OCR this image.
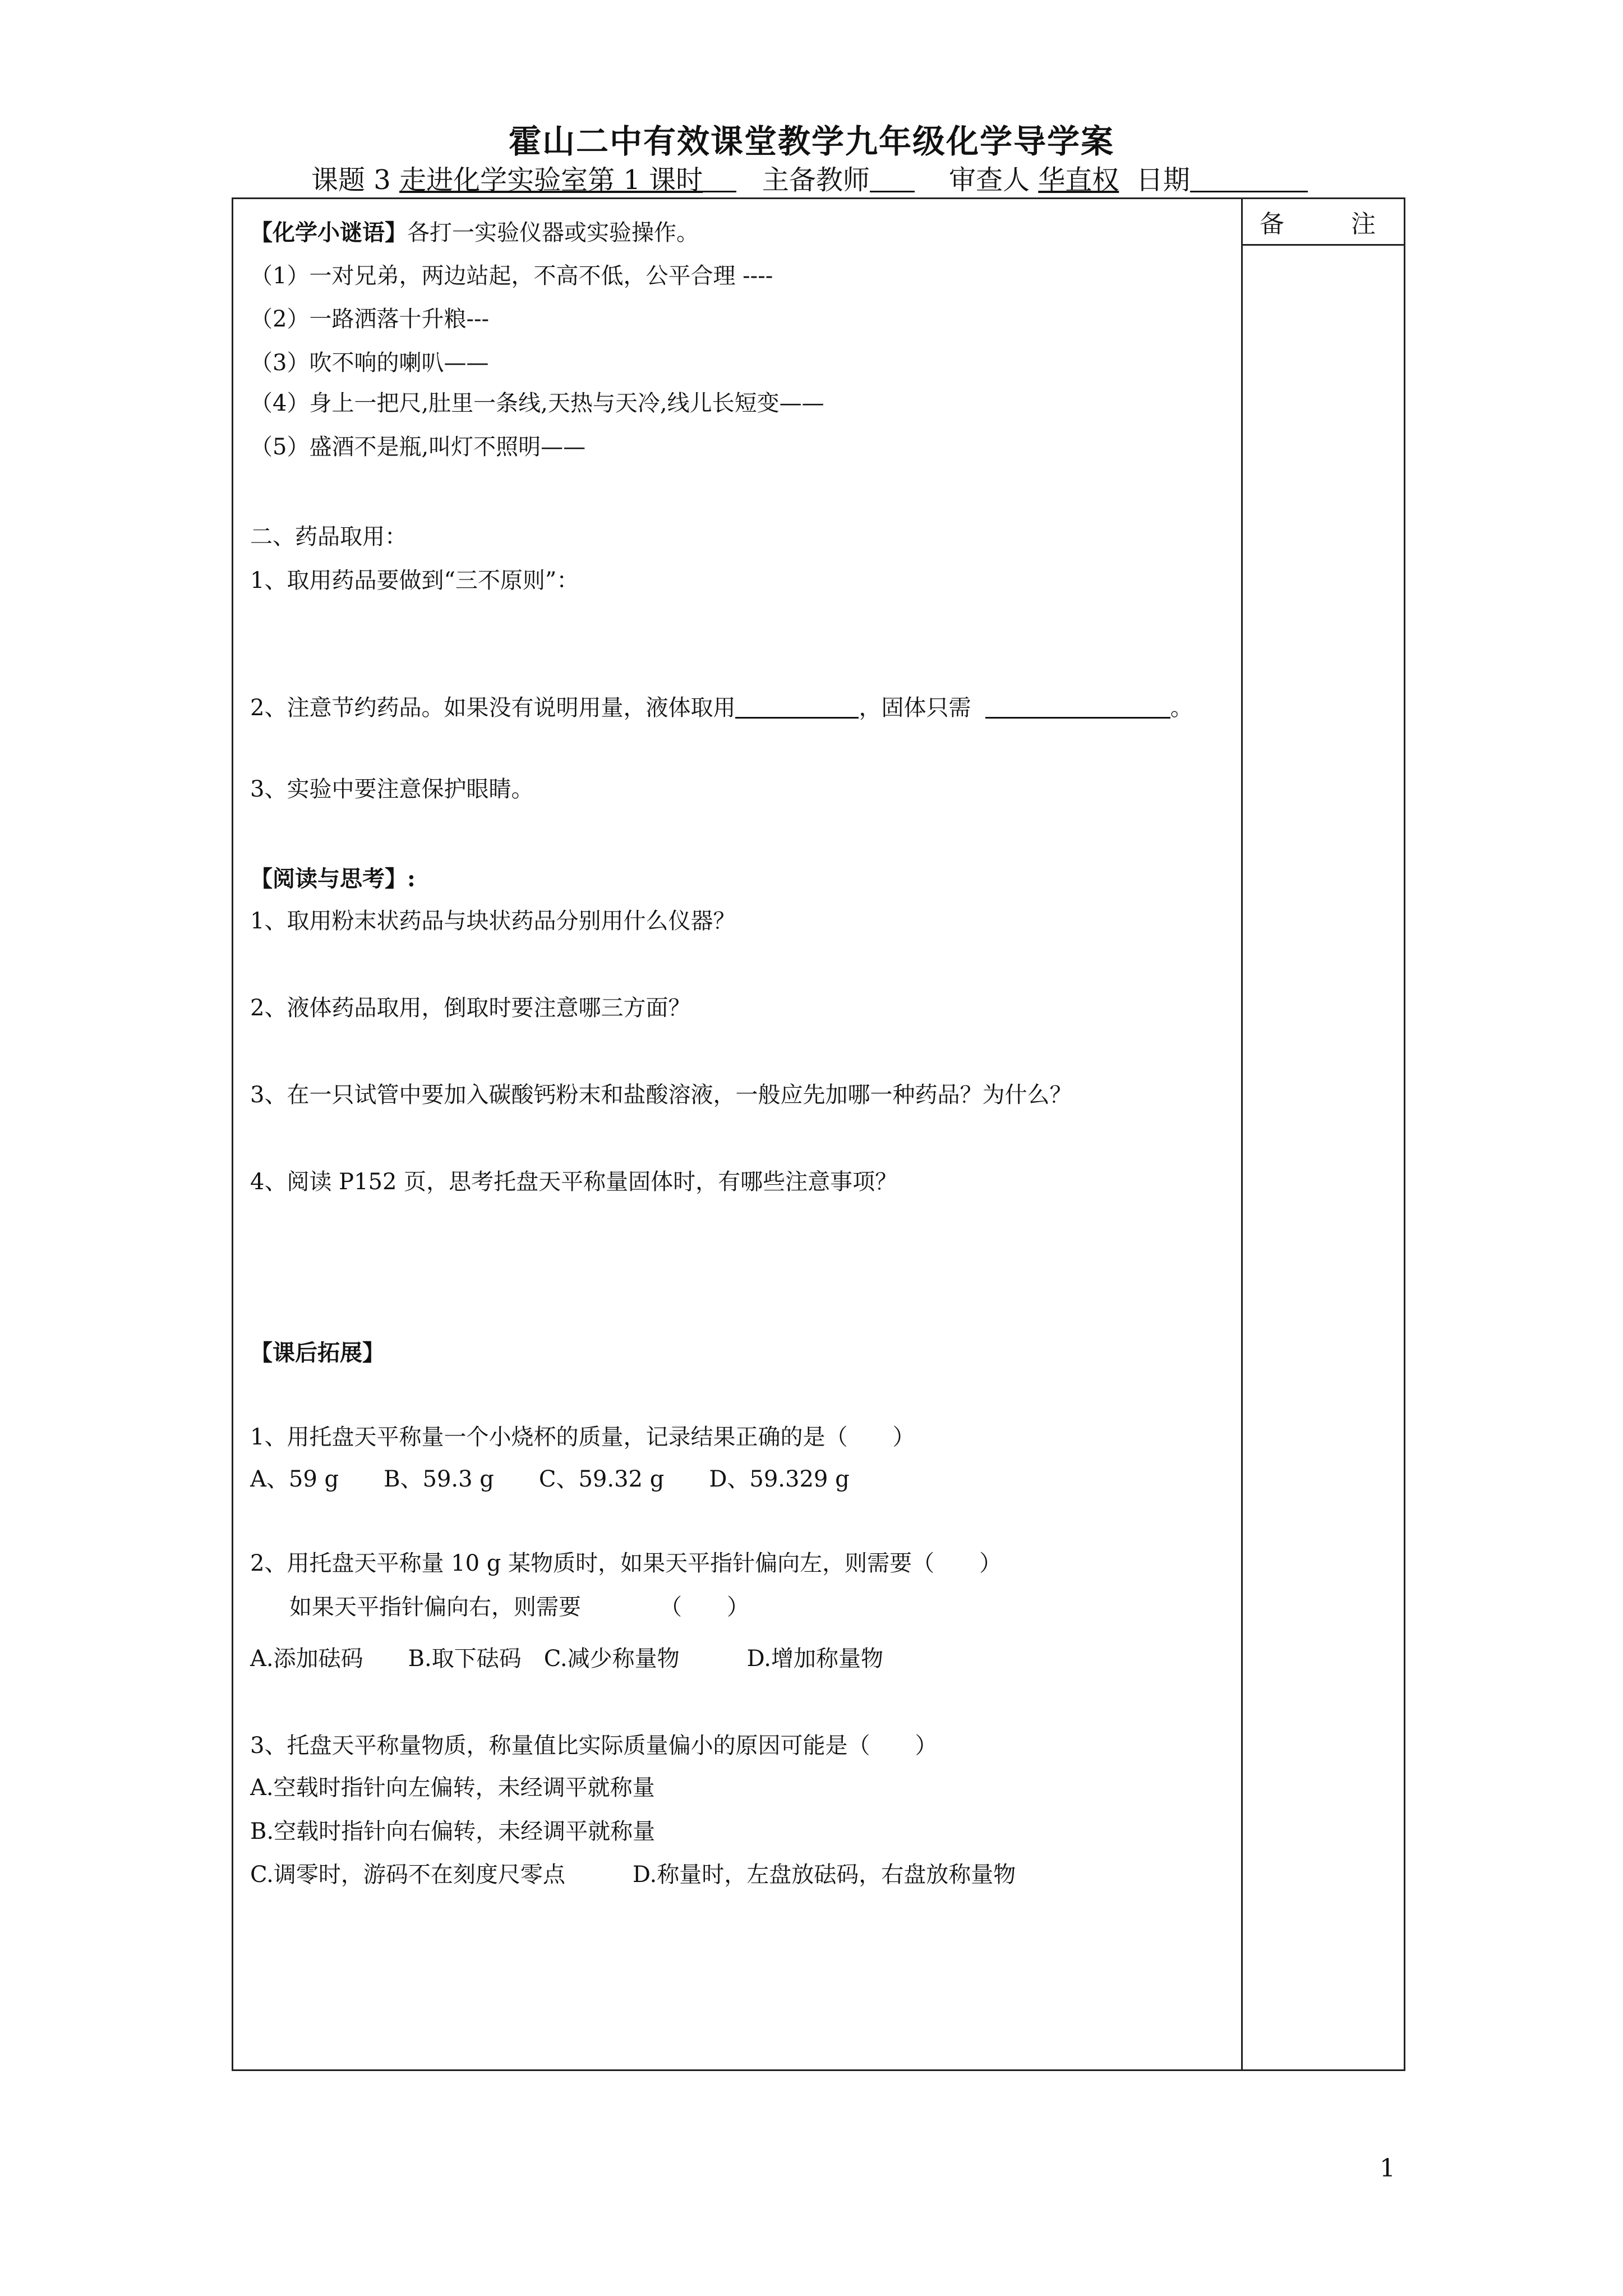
霍山二中有效课堂教学九年级化学导学案
课题 3 走进化学实验室第 1 课时 主备教师	审查人 华直权 日期
备	注
【化学小谜语】各打一实验仪器或实验操作。
（1）一对兄弟，两边站起，不高不低，公平合理 ----
（2）一路洒落十升粮---
（3）吹不响的喇叭——
（4）身上一把尺,肚里一条线,天热与天冷,线儿长短变——
（5）盛酒不是瓶,叫灯不照明——
二、药品取用：
1、取用药品要做到“三不原则”：
2、注意节约药品。如果没有说明用量，液体取用	，固体只需	。
3、实验中要注意保护眼睛。
【阅读与思考】:
1、取用粉末状药品与块状药品分别用什么仪器？
2、液体药品取用，倒取时要注意哪三方面？
3、在一只试管中要加入碳酸钙粉末和盐酸溶液，一般应先加哪一种药品？为什么？
4、阅读 P152 页，思考托盘天平称量固体时，有哪些注意事项？
【课后拓展】
1、用托盘天平称量一个小烧杯的质量，记录结果正确的是（　　）
A、59 g　　B、59.3 g　　C、59.32 g　　D、59.329 g
2、用托盘天平称量 10 g 某物质时，如果天平指针偏向左，则需要（　　）
如果天平指针偏向右，则需要　　　　（　　）
A.添加砝码　　B.取下砝码　C.减少称量物　　　D.增加称量物
3、托盘天平称量物质，称量值比实际质量偏小的原因可能是（　　）
A.空载时指针向左偏转，未经调平就称量
B.空载时指针向右偏转，未经调平就称量
C.调零时，游码不在刻度尺零点　　　D.称量时，左盘放砝码，右盘放称量物
1
